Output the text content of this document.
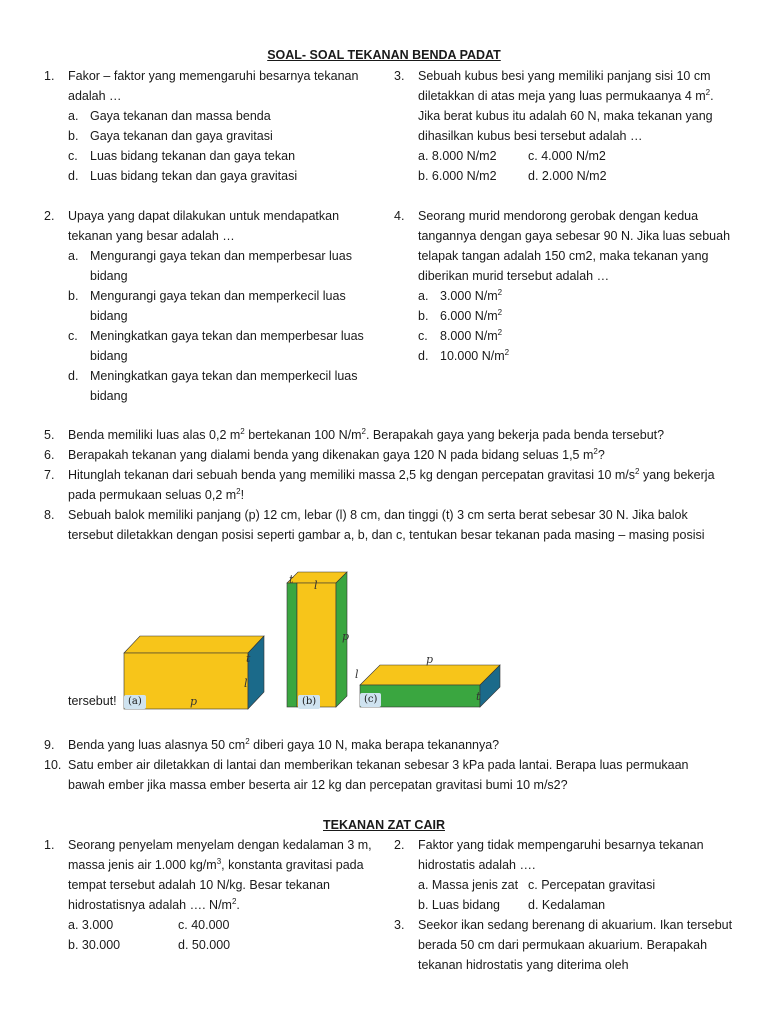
SOAL- SOAL TEKANAN BENDA PADAT
1.	Fakor – faktor yang memengaruhi besarnya tekanan adalah …
a. Gaya tekanan dan massa benda
b. Gaya tekanan dan gaya gravitasi
c. Luas bidang tekanan dan gaya tekan
d. Luas bidang tekan dan gaya gravitasi
2.	Upaya yang dapat dilakukan untuk mendapatkan tekanan yang besar adalah …
a. Mengurangi gaya tekan dan memperbesar luas bidang
b. Mengurangi gaya tekan dan memperkecil luas bidang
c. Meningkatkan gaya tekan dan memperbesar luas bidang
d. Meningkatkan gaya tekan dan memperkecil luas bidang
3.	Sebuah kubus besi yang memiliki panjang sisi 10 cm diletakkan di atas meja yang luas permukaanya 4 $m^2$. Jika berat kubus itu adalah 60 N, maka tekanan yang dihasilkan kubus besi tersebut adalah …
a. 8.000 N/m2	c. 4.000 N/m2
b. 6.000 N/m2	d. 2.000 N/m2
4.	Seorang murid mendorong gerobak dengan kedua tangannya dengan gaya sebesar 90 N. Jika luas sebuah telapak tangan adalah 150 cm2, maka tekanan yang diberikan murid tersebut adalah …
a. 3.000 $N/m^2$
b. 6.000 $N/m^2$
c. 8.000 $N/m^2$
d. 10.000 $N/m^2$
5.	Benda memiliki luas alas 0,2 $m^2$ bertekanan 100 $N/m^2$. Berapakah gaya yang bekerja pada benda tersebut?
6.	Berapakah tekanan yang dialami benda yang dikenakan gaya 120 N pada bidang seluas 1,5 $m^2$?
7.	Hitunglah tekanan dari sebuah benda yang memiliki massa 2,5 kg dengan percepatan gravitasi 10 $m/s^2$ yang bekerja pada permukaan seluas 0,2 $m^2$!
8.	Sebuah balok memiliki panjang (p) 12 cm, lebar (l) 8 cm, dan tinggi (t) 3 cm serta berat sebesar 30 N. Jika balok tersebut diletakkan dengan posisi seperti gambar a, b, dan c, tentukan besar tekanan pada masing – masing posisi
tersebut!
t
l
p
t l
p
p
l
t
(a)	(b)	(c)
9.	Benda yang luas alasnya 50 $cm^2$ diberi gaya 10 N, maka berapa tekanannya?
10. Satu ember air diletakkan di lantai dan memberikan tekanan sebesar 3 kPa pada lantai. Berapa luas permukaan bawah ember jika massa ember beserta air 12 kg dan percepatan gravitasi bumi 10 m/s2?
TEKANAN ZAT CAIR
1.	Seorang penyelam menyelam dengan kedalaman 3 m, massa jenis air 1.000 $kg/m^3$, konstanta gravitasi pada tempat tersebut adalah 10 N/kg. Besar tekanan hidrostatisnya adalah …. $N/m^2$.
a. 3.000	c. 40.000
b. 30.000	d. 50.000
2.	Faktor yang tidak mempengaruhi besarnya tekanan hidrostatis adalah ….
a. Massa jenis zat c. Percepatan gravitasi
b. Luas bidang	d. Kedalaman
3.	Seekor ikan sedang berenang di akuarium. Ikan tersebut berada 50 cm dari permukaan akuarium. Berapakah tekanan hidrostatis yang diterima oleh
